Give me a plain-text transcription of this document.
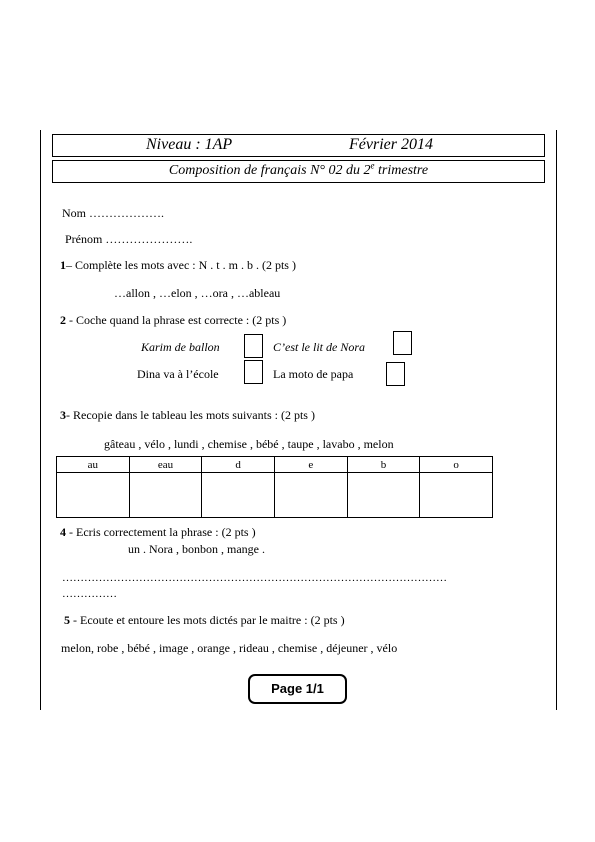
Niveau : 1AP	Février 2014
Composition de français N° 02 du 2e trimestre
Nom ……………….
Prénom ………………….
1– Complète les mots avec : N . t . m . b . (2 pts )
…allon , …elon , …ora , …ableau
2 - Coche quand la phrase est correcte : (2 pts )
Karim de ballon	C’est le lit de Nora
Dina va à l’école	La moto de papa
3- Recopie dans le tableau les mots suivants : (2 pts )
gâteau , vélo , lundi , chemise , bébé , taupe , lavabo , melon
au	eau	d	e	b	o

4 - Ecris correctement la phrase : (2 pts )
un . Nora , bonbon , mange .
……………………………………………………………………………………………
……………
5 - Ecoute et entoure les mots dictés par le maitre : (2 pts )
melon, robe , bébé , image , orange , rideau , chemise , déjeuner , vélo
Page 1/1
